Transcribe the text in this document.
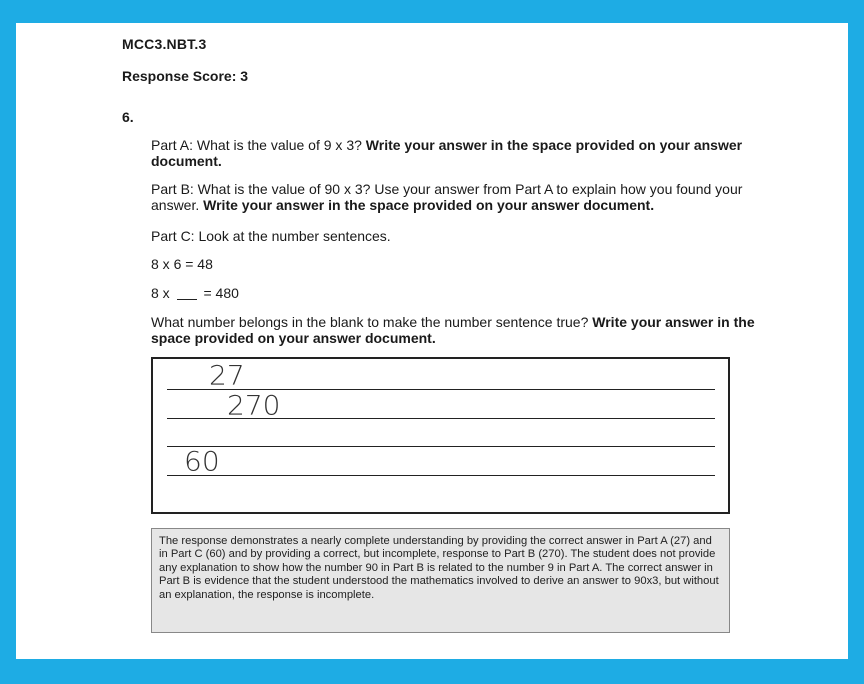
MCC3.NBT.3
Response Score: 3
6.
Part A: What is the value of 9 x 3? Write your answer in the space provided on your answer document.
Part B: What is the value of 90 x 3? Use your answer from Part A to explain how you found your answer. Write your answer in the space provided on your answer document.
Part C: Look at the number sentences.
8 x 6 = 48
8 x = 480
What number belongs in the blank to make the number sentence true? Write your answer in the space provided on your answer document.
27
270
60
The response demonstrates a nearly complete understanding by providing the correct answer in Part A (27) and in Part C (60) and by providing a correct, but incomplete, response to Part B (270). The student does not provide any explanation to show how the number 90 in Part B is related to the number 9 in Part A. The correct answer in Part B is evidence that the student understood the mathematics involved to derive an answer to 90x3, but without an explanation, the response is incomplete.
